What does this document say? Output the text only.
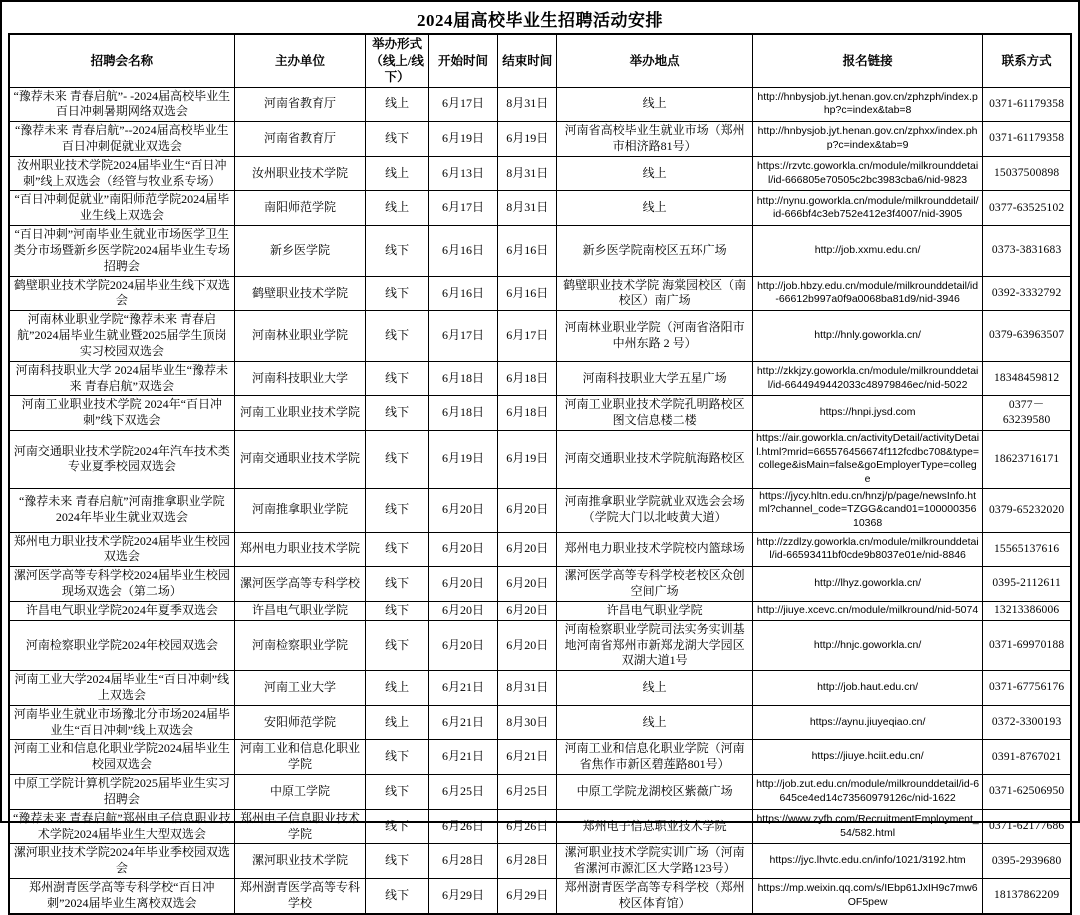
2024届高校毕业生招聘活动安排
招聘会名称	主办单位	举办形式（线上/线下）	开始时间	结束时间	举办地点	报名链接	联系方式
“豫荐未来 青春启航”- -2024届高校毕业生百日冲刺暑期网络双选会	河南省教育厅	线上	6月17日	8月31日	线上	http://hnbysjob.jyt.henan.gov.cn/zphzph/index.php?c=index&tab=8	0371-61179358
“豫荐未来 青春启航”--2024届高校毕业生百日冲刺促就业双选会	河南省教育厅	线下	6月19日	6月19日	河南省高校毕业生就业市场（郑州市相济路81号）	http://hnbysjob.jyt.henan.gov.cn/zphxx/index.php?c=index&tab=9	0371-61179358
汝州职业技术学院2024届毕业生“百日冲刺”线上双选会（经管与牧业系专场）	汝州职业技术学院	线上	6月13日	8月31日	线上	https://rzvtc.goworkla.cn/module/milkrounddetail/id-666805e70505c2bc3983cba6/nid-9823	15037500898
“百日冲刺促就业”南阳师范学院2024届毕业生线上双选会	南阳师范学院	线上	6月17日	8月31日	线上	http://nynu.goworkla.cn/module/milkrounddetail/id-666bf4c3eb752e412e3f4007/nid-3905	0377-63525102
“百日冲刺”河南毕业生就业市场医学卫生类分市场暨新乡医学院2024届毕业生专场招聘会	新乡医学院	线下	6月16日	6月16日	新乡医学院南校区五环广场	http://job.xxmu.edu.cn/	0373-3831683
鹤壁职业技术学院2024届毕业生线下双选会	鹤壁职业技术学院	线下	6月16日	6月16日	鹤壁职业技术学院 海棠园校区（南校区）南广场	http://job.hbzy.edu.cn/module/milkrounddetail/id-66612b997a0f9a0068ba81d9/nid-3946	0392-3332792
河南林业职业学院“豫荐未来 青春启航”2024届毕业生就业暨2025届学生顶岗实习校园双选会	河南林业职业学院	线下	6月17日	6月17日	河南林业职业学院（河南省洛阳市中州东路 2 号）	http://hnly.goworkla.cn/	0379-63963507
河南科技职业大学 2024届毕业生“豫荐未来 青春启航”双选会	河南科技职业大学	线下	6月18日	6月18日	河南科技职业大学五星广场	http://zkkjzy.goworkla.cn/module/milkrounddetail/id-6644949442033c48979846ec/nid-5022	18348459812
河南工业职业技术学院 2024年“百日冲刺”线下双选会	河南工业职业技术学院	线下	6月18日	6月18日	河南工业职业技术学院孔明路校区图文信息楼二楼	https://hnpi.jysd.com	0377－63239580
河南交通职业技术学院2024年汽车技术类专业夏季校园双选会	河南交通职业技术学院	线下	6月19日	6月19日	河南交通职业技术学院航海路校区	https://air.goworkla.cn/activityDetail/activityDetail.html?mrid=665576456674f112fcdbc708&type=college&isMain=false&goEmployerType=college	18623716171
“豫荐未来 青春启航”河南推拿职业学院2024年毕业生就业双选会	河南推拿职业学院	线下	6月20日	6月20日	河南推拿职业学院就业双选会会场（学院大门以北岐黄大道）	https://jycy.hltn.edu.cn/hnzj/p/page/newsInfo.html?channel_code=TZGG&cand01=10000035610368	0379-65232020
郑州电力职业技术学院2024届毕业生校园双选会	郑州电力职业技术学院	线下	6月20日	6月20日	郑州电力职业技术学院校内篮球场	http://zzdlzy.goworkla.cn/module/milkrounddetail/id-66593411bf0cde9b8037e01e/nid-8846	15565137616
漯河医学高等专科学校2024届毕业生校园现场双选会（第二场）	漯河医学高等专科学校	线下	6月20日	6月20日	漯河医学高等专科学校老校区众创空间广场	http://lhyz.goworkla.cn/	0395-2112611
许昌电气职业学院2024年夏季双选会	许昌电气职业学院	线下	6月20日	6月20日	许昌电气职业学院	http://jiuye.xcevc.cn/module/milkround/nid-5074	13213386006
河南检察职业学院2024年校园双选会	河南检察职业学院	线下	6月20日	6月20日	河南检察职业学院司法实务实训基地河南省郑州市新郑龙湖大学园区双湖大道1号	http://hnjc.goworkla.cn/	0371-69970188
河南工业大学2024届毕业生“百日冲刺”线上双选会	河南工业大学	线上	6月21日	8月31日	线上	http://job.haut.edu.cn/	0371-67756176
河南毕业生就业市场豫北分市场2024届毕业生“百日冲刺”线上双选会	安阳师范学院	线上	6月21日	8月30日	线上	https://aynu.jiuyeqiao.cn/	0372-3300193
河南工业和信息化职业学院2024届毕业生校园双选会	河南工业和信息化职业学院	线下	6月21日	6月21日	河南工业和信息化职业学院（河南省焦作市新区碧莲路801号）	https://jiuye.hciit.edu.cn/	0391-8767021
中原工学院计算机学院2025届毕业生实习招聘会	中原工学院	线下	6月25日	6月25日	中原工学院龙湖校区紫薇广场	http://job.zut.edu.cn/module/milkrounddetail/id-6645ce4ed14c73560979126c/nid-1622	0371-62506950
“豫荐未来 青春启航”郑州电子信息职业技术学院2024届毕业生大型双选会	郑州电子信息职业技术学院	线下	6月26日	6月26日	郑州电子信息职业技术学院	https://www.zyfb.com/RecruitmentEmployment_54/582.html	0371-62177686
漯河职业技术学院2024年毕业季校园双选会	漯河职业技术学院	线下	6月28日	6月28日	漯河职业技术学院实训广场（河南省漯河市源汇区大学路123号）	https://jyc.lhvtc.edu.cn/info/1021/3192.htm	0395-2939680
郑州澍青医学高等专科学校“百日冲刺”2024届毕业生离校双选会	郑州澍青医学高等专科学校	线下	6月29日	6月29日	郑州澍青医学高等专科学校（郑州校区体育馆）	https://mp.weixin.qq.com/s/IEbp61JxIH9c7mw6OF5pew	18137862209
